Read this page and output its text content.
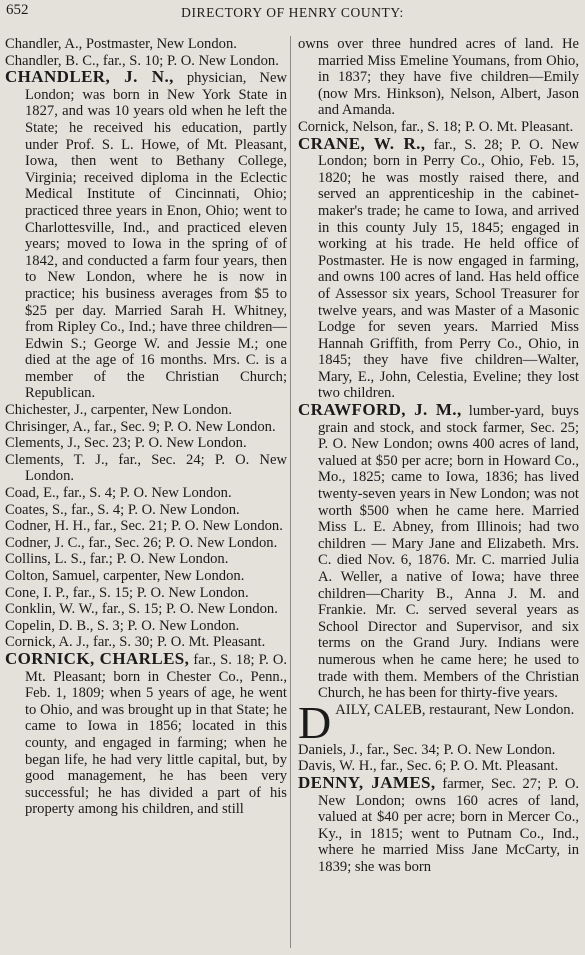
652	DIRECTORY OF HENRY COUNTY:

Chandler, A., Postmaster, New London.

Chandler, B. C., far., S. 10; P. O. New London.

CHANDLER, J. N., physician, New London; was born in New York State in 1827, and was 10 years old when he left the State; he received his education, partly under Prof. S. L. Howe, of Mt. Pleasant, Iowa, then went to Bethany College, Virginia; received diploma in the Eclectic Medical Institute of Cincinnati, Ohio; practiced three years in Enon, Ohio; went to Charlottesville, Ind., and practiced eleven years; moved to Iowa in the spring of of 1842, and conducted a farm four years, then to New London, where he is now in practice; his business averages from $5 to $25 per day. Married Sarah H. Whitney, from Ripley Co., Ind.; have three children—Edwin S.; George W. and Jessie M.; one died at the age of 16 months. Mrs. C. is a member of the Christian Church; Republican.

Chichester, J., carpenter, New London.

Chrisinger, A., far., Sec. 9; P. O. New London.

Clements, J., Sec. 23; P. O. New London.

Clements, T. J., far., Sec. 24; P. O. New London.

Coad, E., far., S. 4; P. O. New London.

Coates, S., far., S. 4; P. O. New London.

Codner, H. H., far., Sec. 21; P. O. New London.

Codner, J. C., far., Sec. 26; P. O. New London.

Collins, L. S., far.; P. O. New London.

Colton, Samuel, carpenter, New London.

Cone, I. P., far., S. 15; P. O. New London.

Conklin, W. W., far., S. 15; P. O. New London.

Copelin, D. B., S. 3; P. O. New London.

Cornick, A. J., far., S. 30; P. O. Mt. Pleasant.

CORNICK, CHARLES, far., S. 18; P. O. Mt. Pleasant; born in Chester Co., Penn., Feb. 1, 1809; when 5 years of age, he went to Ohio, and was brought up in that State; he came to Iowa in 1856; located in this county, and engaged in farming; when he began life, he had very little capital, but, by good management, he has been very successful; he has divided a part of his property among his children, and still

owns over three hundred acres of land. He married Miss Emeline Youmans, from Ohio, in 1837; they have five children—Emily (now Mrs. Hinkson), Nelson, Albert, Jason and Amanda.

Cornick, Nelson, far., S. 18; P. O. Mt. Pleasant.

CRANE, W. R., far., S. 28; P. O. New London; born in Perry Co., Ohio, Feb. 15, 1820; he was mostly raised there, and served an apprenticeship in the cabinet-maker's trade; he came to Iowa, and arrived in this county July 15, 1845; engaged in working at his trade. He held office of Postmaster. He is now engaged in farming, and owns 100 acres of land. Has held office of Assessor six years, School Treasurer for twelve years, and was Master of a Masonic Lodge for seven years. Married Miss Hannah Griffith, from Perry Co., Ohio, in 1845; they have five children—Walter, Mary, E., John, Celestia, Eveline; they lost two children.

CRAWFORD, J. M., lumber-yard, buys grain and stock, and stock farmer, Sec. 25; P. O. New London; owns 400 acres of land, valued at $50 per acre; born in Howard Co., Mo., 1825; came to Iowa, 1836; has lived twenty-seven years in New London; was not worth $500 when he came here. Married Miss L. E. Abney, from Illinois; had two children — Mary Jane and Elizabeth. Mrs. C. died Nov. 6, 1876. Mr. C. married Julia A. Weller, a native of Iowa; have three children—Charity B., Anna J. M. and Frankie. Mr. C. served several years as School Director and Supervisor, and six terms on the Grand Jury. Indians were numerous when he came here; he used to trade with them. Members of the Christian Church, he has been for thirty-five years.

D AILY, CALEB, restaurant, New London.

Daniels, J., far., Sec. 34; P. O. New London.

Davis, W. H., far., Sec. 6; P. O. Mt. Pleasant.

DENNY, JAMES, farmer, Sec. 27; P. O. New London; owns 160 acres of land, valued at $40 per acre; born in Mercer Co., Ky., in 1815; went to Putnam Co., Ind., where he married Miss Jane McCarty, in 1839; she was born
